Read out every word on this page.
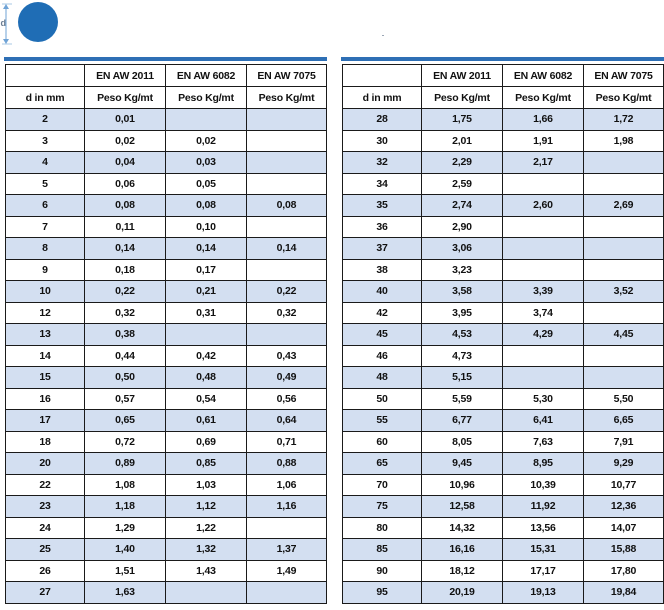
d
	EN AW 2011	EN AW 6082	EN AW 7075
d in mm	Peso Kg/mt	Peso Kg/mt	Peso Kg/mt
2	0,01		
3	0,02	0,02	
4	0,04	0,03	
5	0,06	0,05	
6	0,08	0,08	0,08
7	0,11	0,10	
8	0,14	0,14	0,14
9	0,18	0,17	
10	0,22	0,21	0,22
12	0,32	0,31	0,32
13	0,38		
14	0,44	0,42	0,43
15	0,50	0,48	0,49
16	0,57	0,54	0,56
17	0,65	0,61	0,64
18	0,72	0,69	0,71
20	0,89	0,85	0,88
22	1,08	1,03	1,06
23	1,18	1,12	1,16
24	1,29	1,22	
25	1,40	1,32	1,37
26	1,51	1,43	1,49
27	1,63		
	EN AW 2011	EN AW 6082	EN AW 7075
d in mm	Peso Kg/mt	Peso Kg/mt	Peso Kg/mt
28	1,75	1,66	1,72
30	2,01	1,91	1,98
32	2,29	2,17	
34	2,59		
35	2,74	2,60	2,69
36	2,90		
37	3,06		
38	3,23		
40	3,58	3,39	3,52
42	3,95	3,74	
45	4,53	4,29	4,45
46	4,73		
48	5,15		
50	5,59	5,30	5,50
55	6,77	6,41	6,65
60	8,05	7,63	7,91
65	9,45	8,95	9,29
70	10,96	10,39	10,77
75	12,58	11,92	12,36
80	14,32	13,56	14,07
85	16,16	15,31	15,88
90	18,12	17,17	17,80
95	20,19	19,13	19,84
